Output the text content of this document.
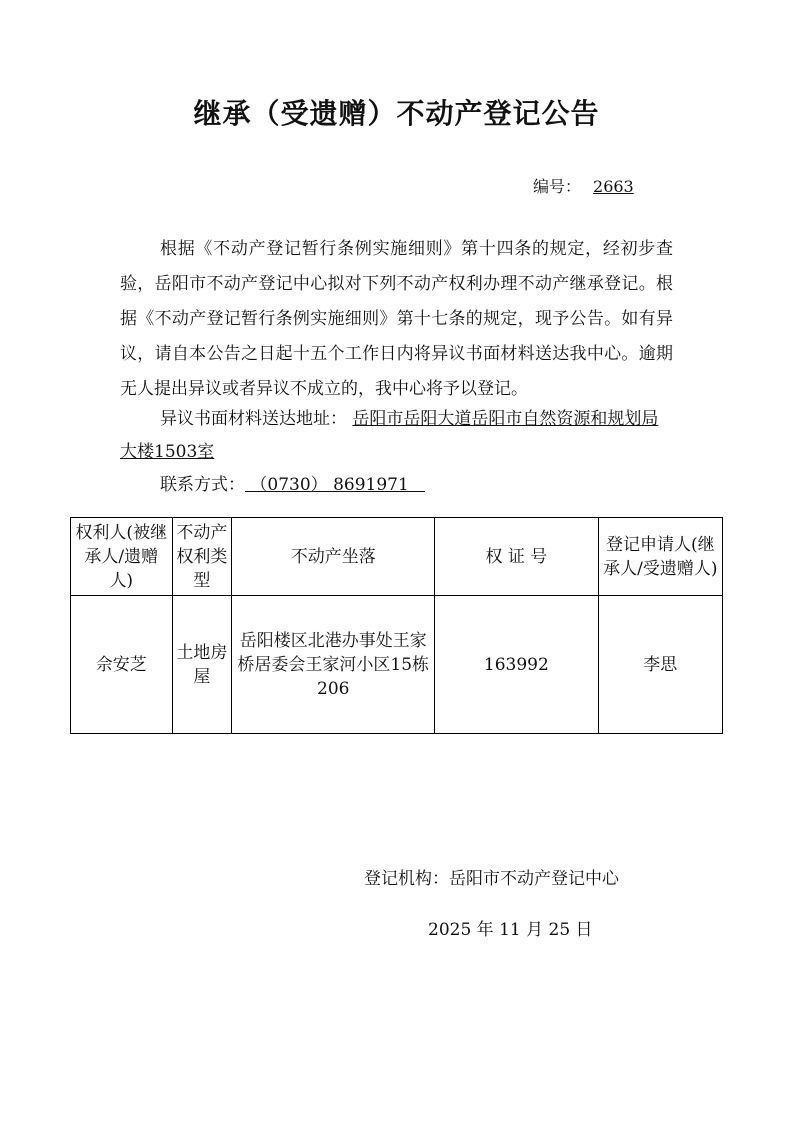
继承（受遗赠）不动产登记公告
编号： 2663

根据《不动产登记暂行条例实施细则》第十四条的规定，经初步查验，岳阳市不动产登记中心拟对下列不动产权利办理不动产继承登记。根据《不动产登记暂行条例实施细则》第十七条的规定，现予公告。如有异议，请自本公告之日起十五个工作日内将异议书面材料送达我中心。逾期无人提出异议或者异议不成立的，我中心将予以登记。

异议书面材料送达地址： 岳阳市岳阳大道岳阳市自然资源和规划局大楼1503室

联系方式： （0730） 8691971
权利人(被继承人/遗赠人)	不动产权利类型	不动产坐落	权 证 号	登记申请人(继承人/受遗赠人)
佘安芝	土地房屋	岳阳楼区北港办事处王家桥居委会王家河小区15栋206	163992	李思
登记机构：岳阳市不动产登记中心
2025 年 11 月 25 日
